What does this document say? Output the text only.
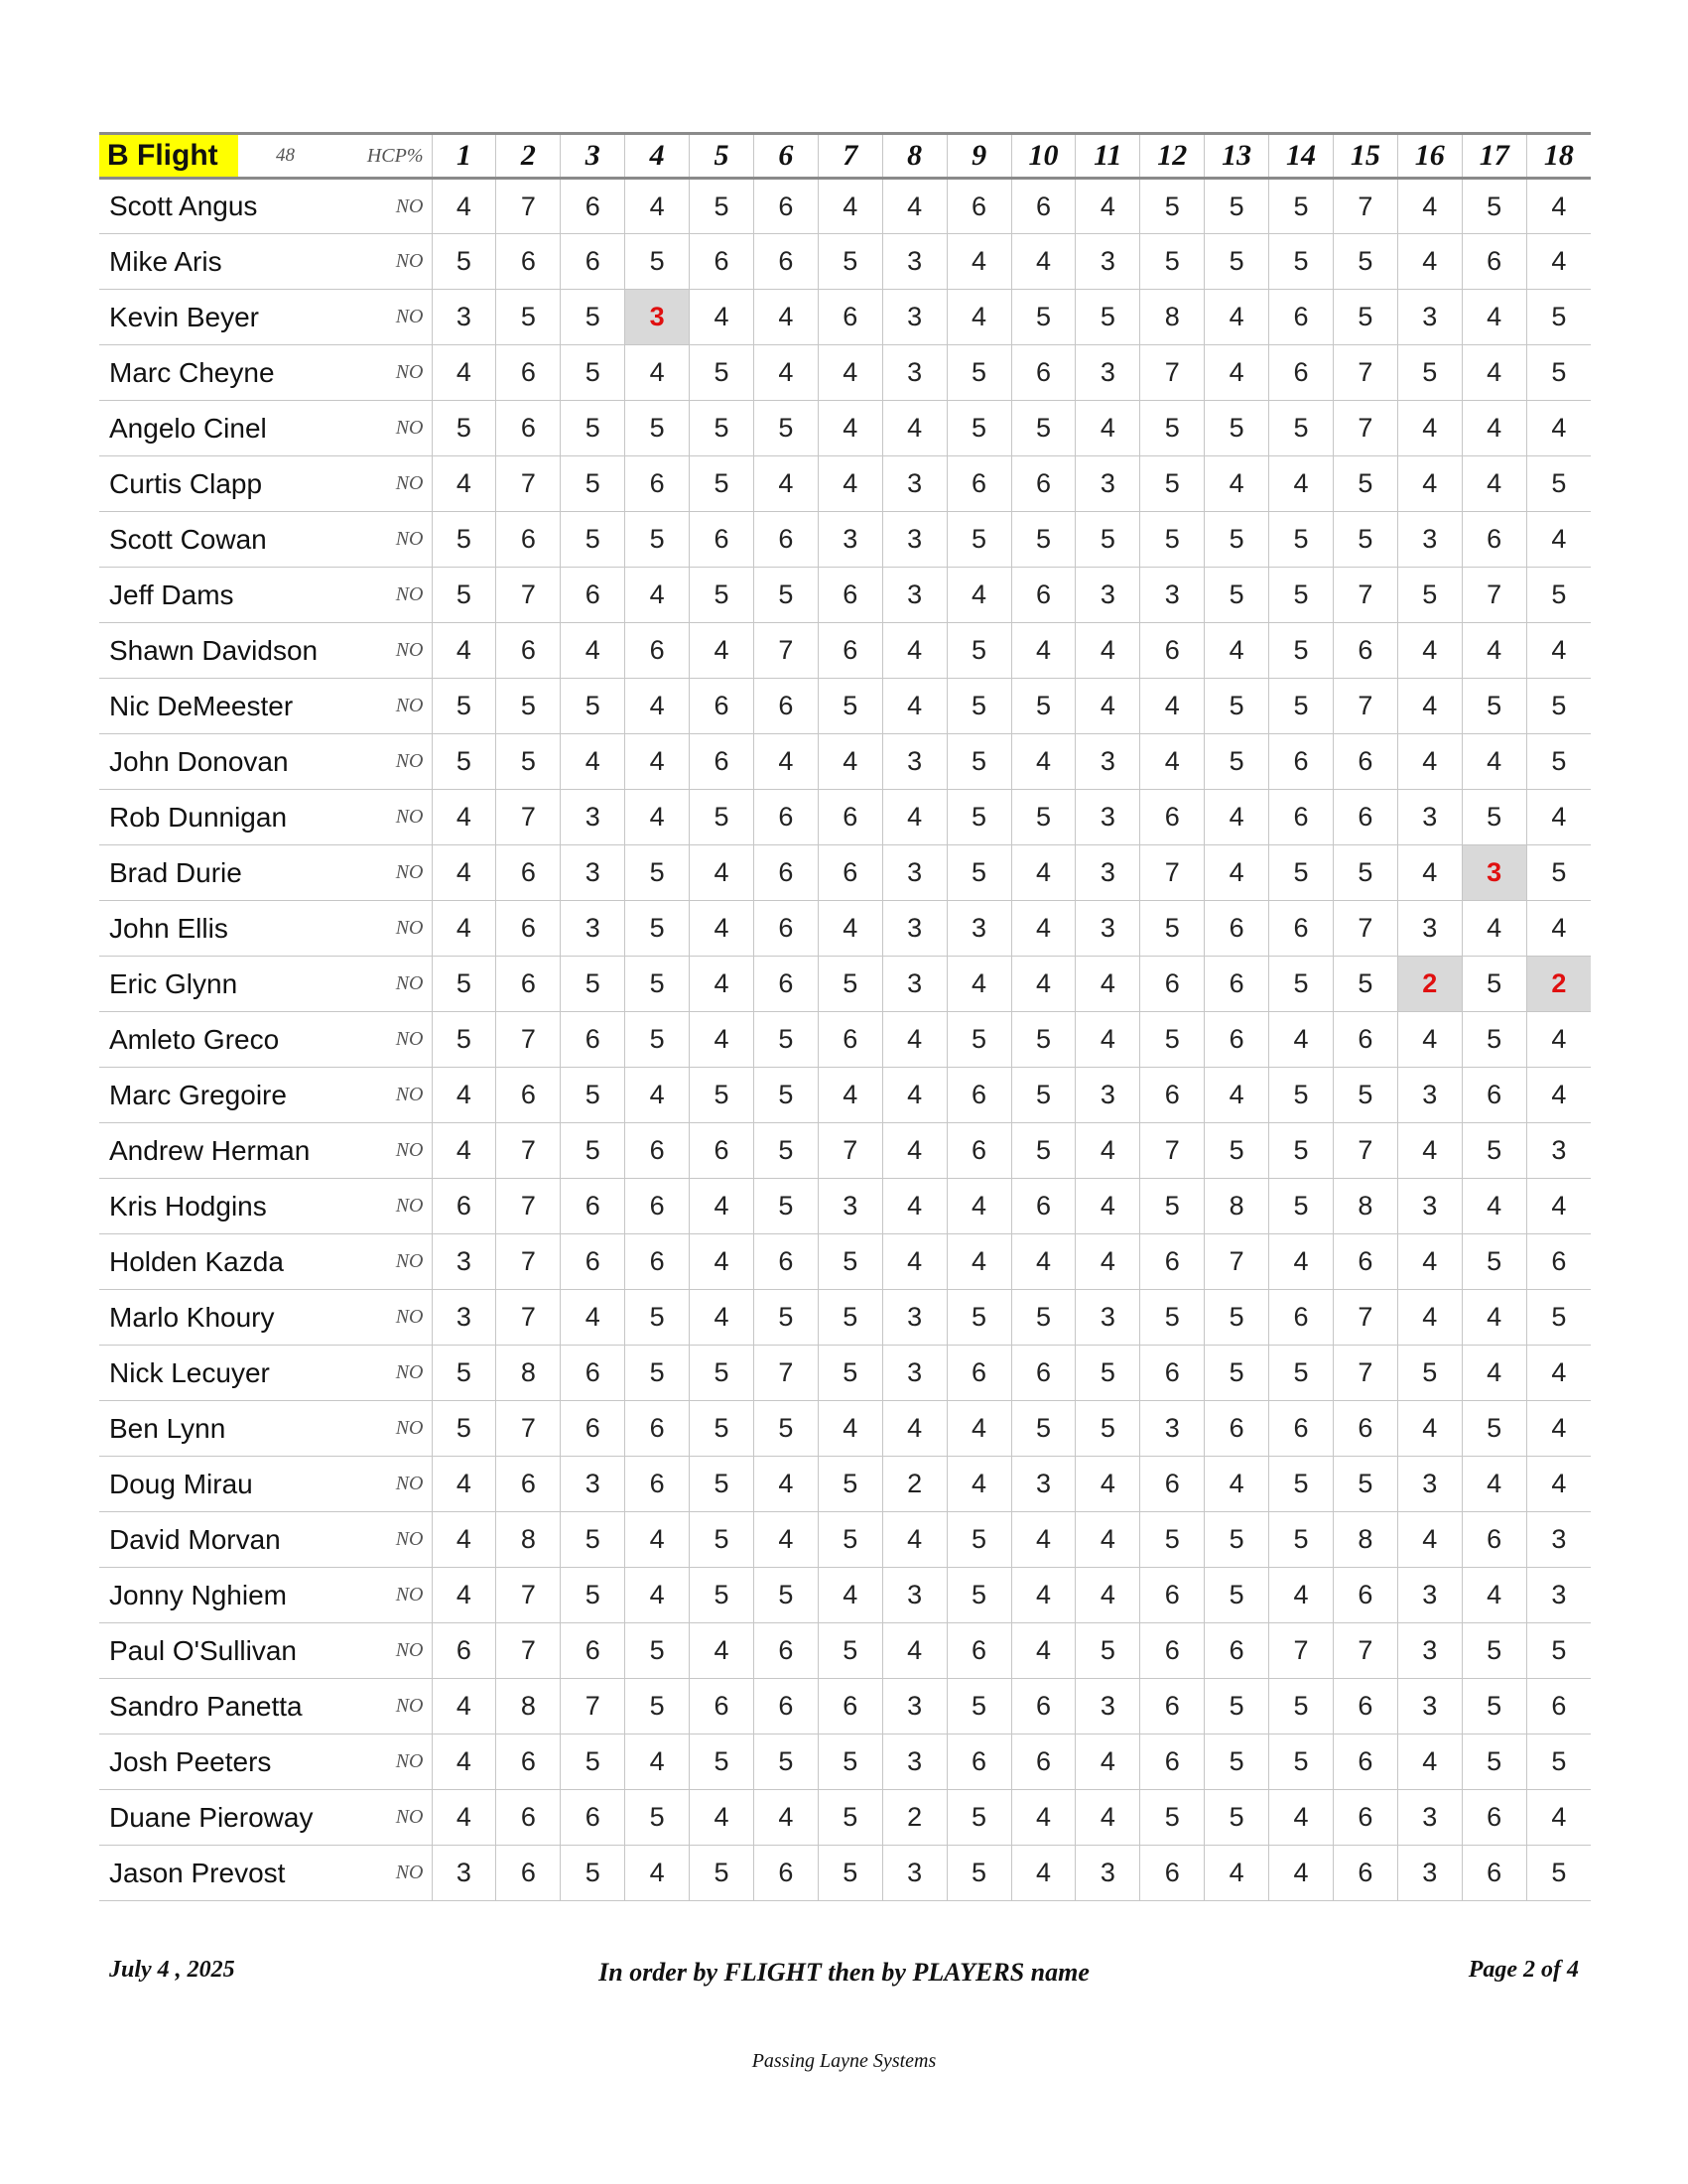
B Flight	48	HCP%	1	2	3	4	5	6	7	8	9	10	11	12	13	14	15	16	17	18
Scott Angus		NO	4	7	6	4	5	6	4	4	6	6	4	5	5	5	7	4	5	4
Mike Aris		NO	5	6	6	5	6	6	5	3	4	4	3	5	5	5	5	4	6	4
Kevin Beyer		NO	3	5	5	3	4	4	6	3	4	5	5	8	4	6	5	3	4	5
Marc Cheyne		NO	4	6	5	4	5	4	4	3	5	6	3	7	4	6	7	5	4	5
Angelo Cinel		NO	5	6	5	5	5	5	4	4	5	5	4	5	5	5	7	4	4	4
Curtis Clapp		NO	4	7	5	6	5	4	4	3	6	6	3	5	4	4	5	4	4	5
Scott Cowan		NO	5	6	5	5	6	6	3	3	5	5	5	5	5	5	5	3	6	4
Jeff Dams		NO	5	7	6	4	5	5	6	3	4	6	3	3	5	5	7	5	7	5
Shawn Davidson		NO	4	6	4	6	4	7	6	4	5	4	4	6	4	5	6	4	4	4
Nic DeMeester		NO	5	5	5	4	6	6	5	4	5	5	4	4	5	5	7	4	5	5
John Donovan		NO	5	5	4	4	6	4	4	3	5	4	3	4	5	6	6	4	4	5
Rob Dunnigan		NO	4	7	3	4	5	6	6	4	5	5	3	6	4	6	6	3	5	4
Brad Durie		NO	4	6	3	5	4	6	6	3	5	4	3	7	4	5	5	4	3	5
John Ellis		NO	4	6	3	5	4	6	4	3	3	4	3	5	6	6	7	3	4	4
Eric Glynn		NO	5	6	5	5	4	6	5	3	4	4	4	6	6	5	5	2	5	2
Amleto Greco		NO	5	7	6	5	4	5	6	4	5	5	4	5	6	4	6	4	5	4
Marc Gregoire		NO	4	6	5	4	5	5	4	4	6	5	3	6	4	5	5	3	6	4
Andrew Herman		NO	4	7	5	6	6	5	7	4	6	5	4	7	5	5	7	4	5	3
Kris Hodgins		NO	6	7	6	6	4	5	3	4	4	6	4	5	8	5	8	3	4	4
Holden Kazda		NO	3	7	6	6	4	6	5	4	4	4	4	6	7	4	6	4	5	6
Marlo Khoury		NO	3	7	4	5	4	5	5	3	5	5	3	5	5	6	7	4	4	5
Nick Lecuyer		NO	5	8	6	5	5	7	5	3	6	6	5	6	5	5	7	5	4	4
Ben Lynn		NO	5	7	6	6	5	5	4	4	4	5	5	3	6	6	6	4	5	4
Doug Mirau		NO	4	6	3	6	5	4	5	2	4	3	4	6	4	5	5	3	4	4
David Morvan		NO	4	8	5	4	5	4	5	4	5	4	4	5	5	5	8	4	6	3
Jonny Nghiem		NO	4	7	5	4	5	5	4	3	5	4	4	6	5	4	6	3	4	3
Paul O'Sullivan		NO	6	7	6	5	4	6	5	4	6	4	5	6	6	7	7	3	5	5
Sandro Panetta		NO	4	8	7	5	6	6	6	3	5	6	3	6	5	5	6	3	5	6
Josh Peeters		NO	4	6	5	4	5	5	5	3	6	6	4	6	5	5	6	4	5	5
Duane Pieroway		NO	4	6	6	5	4	4	5	2	5	4	4	5	5	4	6	3	6	4
Jason Prevost		NO	3	6	5	4	5	6	5	3	5	4	3	6	4	4	6	3	6	5
July 4 , 2025	In order by FLIGHT then by PLAYERS name	Page 2 of 4
Passing Layne Systems
